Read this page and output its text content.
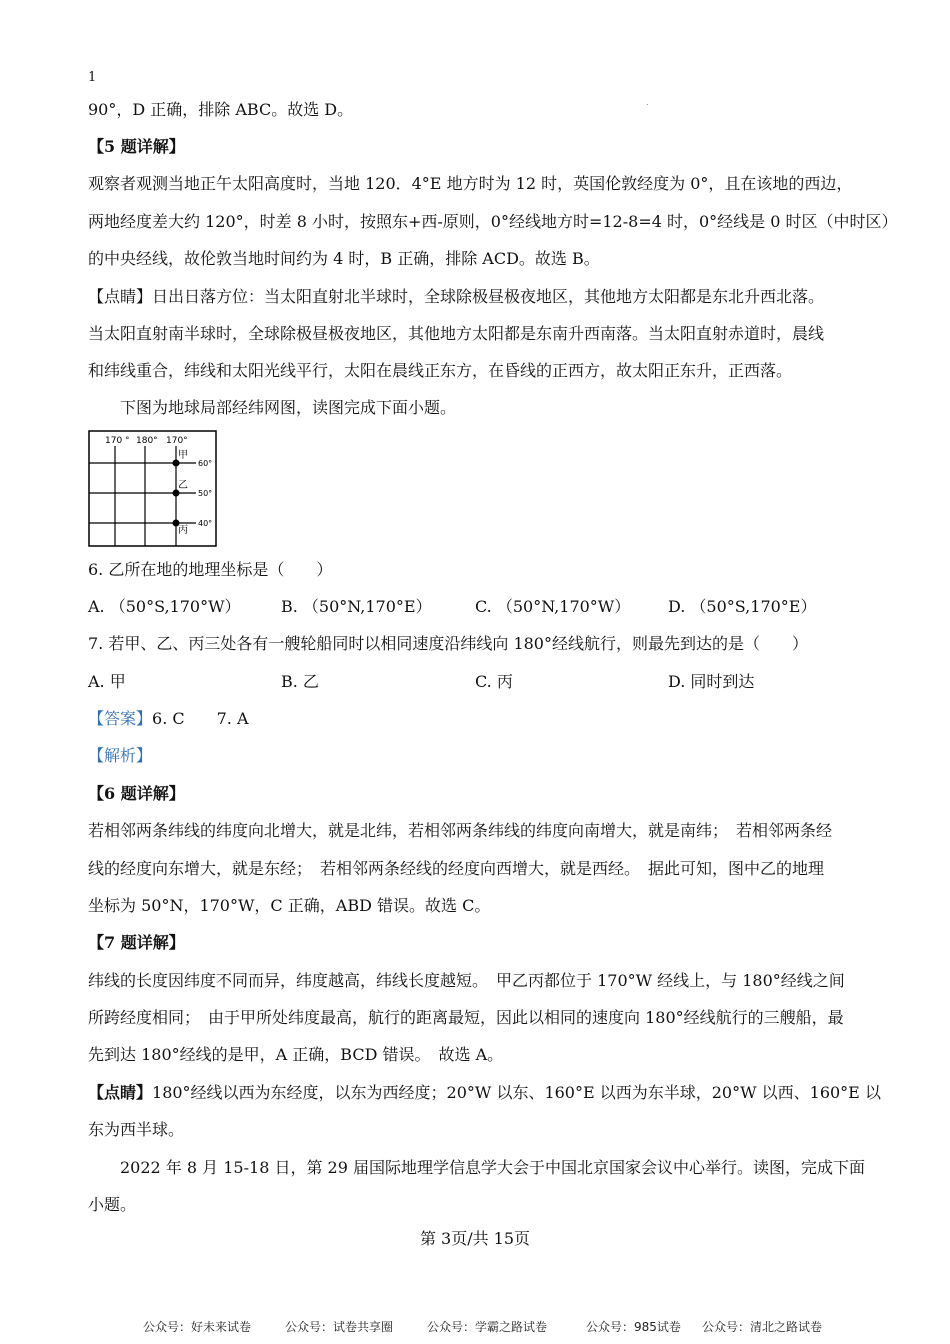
1
.
90°，D 正确，排除 ABC。故选 D。
【5 题详解】
观察者观测当地正午太阳高度时，当地 120．4°E 地方时为 12 时，英国伦敦经度为 0°，且在该地的西边，
两地经度差大约 120°，时差 8 小时，按照东+西-原则，0°经线地方时=12-8=4 时，0°经线是 0 时区（中时区）
的中央经线，故伦敦当地时间约为 4 时，B 正确，排除 ACD。故选 B。
【点睛】日出日落方位：当太阳直射北半球时，全球除极昼极夜地区，其他地方太阳都是东北升西北落。
当太阳直射南半球时，全球除极昼极夜地区，其他地方太阳都是东南升西南落。当太阳直射赤道时，晨线
和纬线重合，纬线和太阳光线平行，太阳在晨线正东方，在昏线的正西方，故太阳正东升，正西落。
下图为地球局部经纬网图，读图完成下面小题。
170 ° 180° 170°
60°
50°
40°
甲
乙
丙
6. 乙所在地的地理坐标是（　　）
A. （50°S,170°W）	B. （50°N,170°E）	C. （50°N,170°W） D. （50°S,170°E）
7. 若甲、乙、丙三处各有一艘轮船同时以相同速度沿纬线向 180°经线航行，则最先到达的是（　　）
A. 甲	B. 乙	C. 丙	D. 同时到达
【答案】6. C　　7. A
【解析】
【6 题详解】
若相邻两条纬线的纬度向北增大，就是北纬，若相邻两条纬线的纬度向南增大，就是南纬；　若相邻两条经
线的经度向东增大，就是东经；　若相邻两条经线的经度向西增大，就是西经。　据此可知，图中乙的地理
坐标为 50°N，170°W，C 正确，ABD 错误。故选 C。
【7 题详解】
纬线的长度因纬度不同而异，纬度越高，纬线长度越短。　甲乙丙都位于 170°W 经线上，与 180°经线之间
所跨经度相同；　由于甲所处纬度最高，航行的距离最短，因此以相同的速度向 180°经线航行的三艘船，最
先到达 180°经线的是甲，A 正确，BCD 错误。　故选 A。
【点睛】180°经线以西为东经度，以东为西经度；20°W 以东、160°E 以西为东半球，20°W 以西、160°E 以
东为西半球。
2022 年 8 月 15-18 日，第 29 届国际地理学信息学大会于中国北京国家会议中心举行。读图，完成下面
小题。
第 3页/共 15页
公众号：好未来试卷	公众号：试卷共享圈	公众号：学霸之路试卷	公众号：985试卷 公众号：清北之路试卷
